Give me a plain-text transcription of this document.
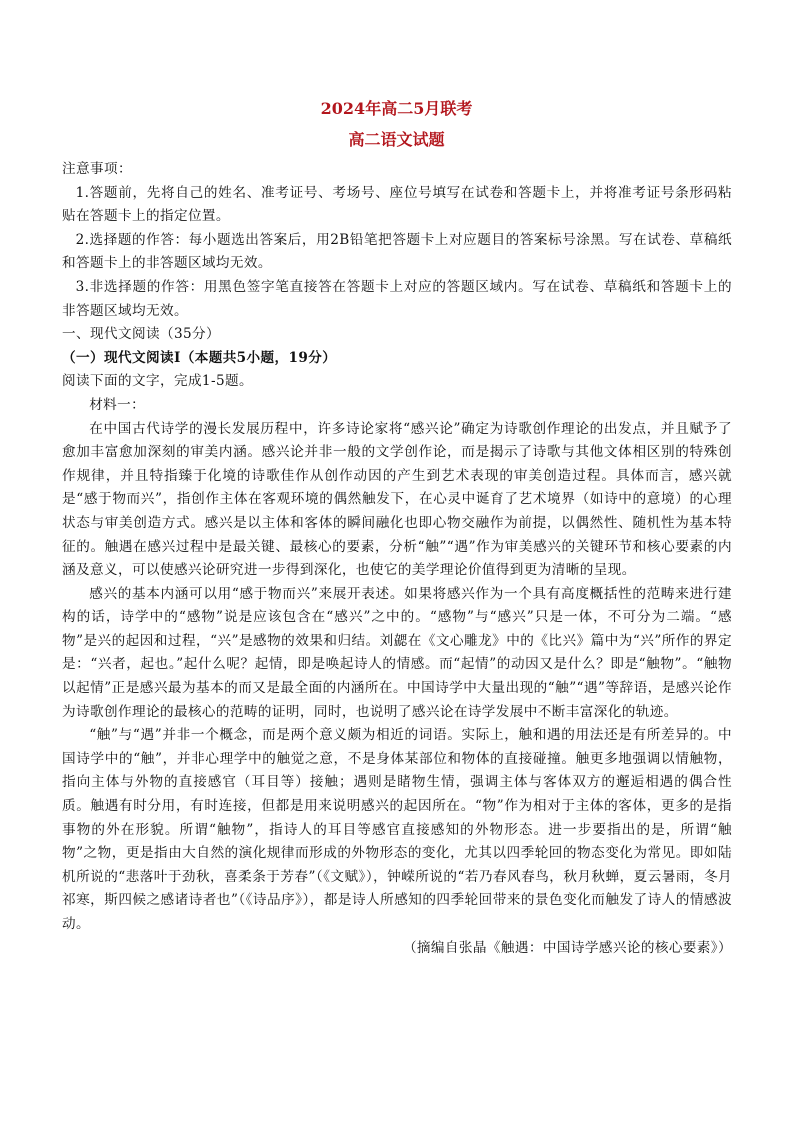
2024年高二5月联考
高二语文试题

注意事项：

1.答题前，先将自己的姓名、准考证号、考场号、座位号填写在试卷和答题卡上，并将准考证号条形码粘贴在答题卡上的指定位置。

2.选择题的作答：每小题选出答案后，用2B铅笔把答题卡上对应题目的答案标号涂黑。写在试卷、草稿纸和答题卡上的非答题区域均无效。

3.非选择题的作答：用黑色签字笔直接答在答题卡上对应的答题区域内。写在试卷、草稿纸和答题卡上的非答题区域均无效。

一、现代文阅读（35分）

（一）现代文阅读Ⅰ（本题共5小题，19分）

阅读下面的文字，完成1-5题。

材料一：

在中国古代诗学的漫长发展历程中，许多诗论家将“感兴论”确定为诗歌创作理论的出发点，并且赋予了愈加丰富愈加深刻的审美内涵。感兴论并非一般的文学创作论，而是揭示了诗歌与其他文体相区别的特殊创作规律，并且特指臻于化境的诗歌佳作从创作动因的产生到艺术表现的审美创造过程。具体而言，感兴就是“感于物而兴”，指创作主体在客观环境的偶然触发下，在心灵中诞育了艺术境界（如诗中的意境）的心理状态与审美创造方式。感兴是以主体和客体的瞬间融化也即心物交融作为前提，以偶然性、随机性为基本特征的。触遇在感兴过程中是最关键、最核心的要素，分析“触”“遇”作为审美感兴的关键环节和核心要素的内涵及意义，可以使感兴论研究进一步得到深化，也使它的美学理论价值得到更为清晰的呈现。

感兴的基本内涵可以用“感于物而兴”来展开表述。如果将感兴作为一个具有高度概括性的范畴来进行建构的话，诗学中的“感物”说是应该包含在“感兴”之中的。“感物”与“感兴”只是一体，不可分为二端。“感物”是兴的起因和过程，“兴”是感物的效果和归结。刘勰在《文心雕龙》中的《比兴》篇中为“兴”所作的界定是：“兴者，起也。”起什么呢？起情，即是唤起诗人的情感。而“起情”的动因又是什么？即是“触物”。“触物以起情”正是感兴最为基本的而又是最全面的内涵所在。中国诗学中大量出现的“触”“遇”等辞语，是感兴论作为诗歌创作理论的最核心的范畴的证明，同时，也说明了感兴论在诗学发展中不断丰富深化的轨迹。

“触”与“遇”并非一个概念，而是两个意义颇为相近的词语。实际上，触和遇的用法还是有所差异的。中国诗学中的“触”，并非心理学中的触觉之意，不是身体某部位和物体的直接碰撞。触更多地强调以情触物，指向主体与外物的直接感官（耳目等）接触；遇则是睹物生情，强调主体与客体双方的邂逅相遇的偶合性质。触遇有时分用，有时连接，但都是用来说明感兴的起因所在。“物”作为相对于主体的客体，更多的是指事物的外在形貌。所谓“触物”，指诗人的耳目等感官直接感知的外物形态。进一步要指出的是，所谓“触物”之物，更是指由大自然的演化规律而形成的外物形态的变化，尤其以四季轮回的物态变化为常见。即如陆机所说的“悲落叶于劲秋，喜柔条于芳春”（《文赋》），钟嵘所说的“若乃春风春鸟，秋月秋蝉，夏云暑雨，冬月祁寒，斯四候之感诸诗者也”（《诗品序》），都是诗人所感知的四季轮回带来的景色变化而触发了诗人的情感波动。

（摘编自张晶《触遇：中国诗学感兴论的核心要素》）
